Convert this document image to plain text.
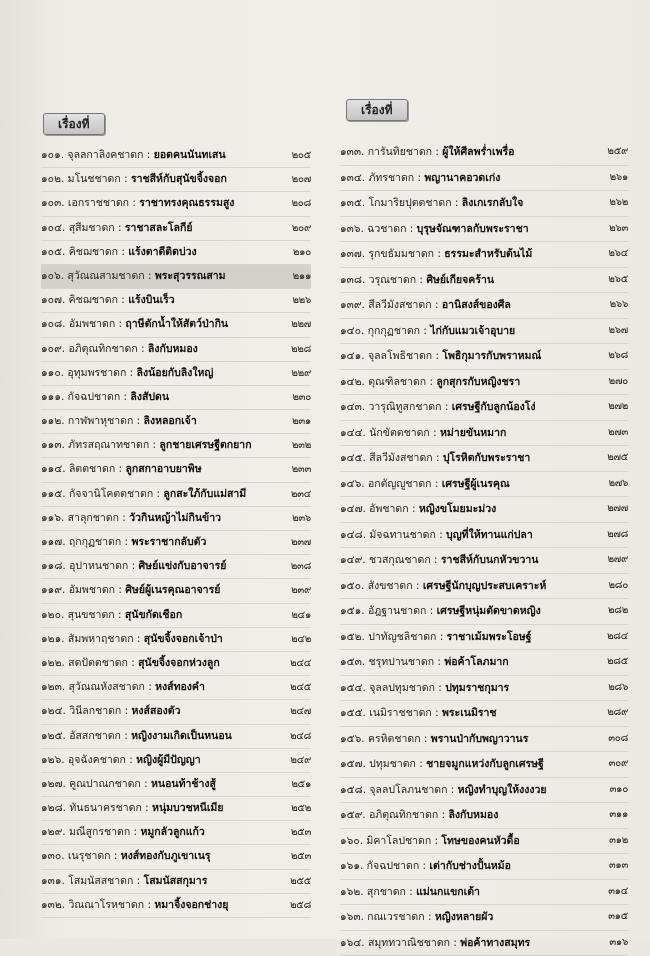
เรื่องที่
เรื่องที่
๑๐๑. จุลลกาลิงคชาดก : ยอดคนนันทเสน	๒๐๕
๑๐๒. มโนชชาดก : ราชสีห์กับสุนัขจิ้งจอก	๒๐๗
๑๐๓. เอกราชชาดก : ราชาทรงคุณธรรมสูง	๒๐๘
๑๐๔. สุสีมชาดก : ราชาสละโลกีย์	๒๐๙
๑๐๕. คิชฌชาดก : แร้งตาดีติดบ่วง	๒๑๐
๑๐๖. สุวัณณสามชาดก : พระสุวรรณสาม	๒๑๑
๑๐๗. คิชฌชาดก : แร้งบินเร็ว	๒๒๖
๑๐๘. อัมพชาดก : ฤาษีตักน้ำให้สัตว์ป่ากิน	๒๒๗
๑๐๙. อภิตุณทิกชาดก : ลิงกับหมอง	๒๒๘
๑๑๐. อุทุมพรชาดก : ลิงน้อยกับลิงใหญ่	๒๒๙
๑๑๑. กัจฉปชาดก : ลิงสัปดน	๒๓๐
๑๑๒. กาฬพาหุชาดก : ลิงหลอกเจ้า	๒๓๑
๑๑๓. ภัทรสฤณาทชาดก : ลูกชายเศรษฐีตกยาก	๒๓๒
๑๑๔. ลิตตชาดก : ลูกสกาอาบยาพิษ	๒๓๓
๑๑๕. กัจจานิโคตตชาดก : ลูกสะใภ้กับแม่สามี	๒๓๔
๑๑๖. สาลุกชาดก : วัวกินหญ้าไม่กินข้าว	๒๓๖
๑๑๗. ฤกกุฏชาดก : พระราชากลับตัว	๒๓๗
๑๑๘. อุปาหนชาดก : ศิษย์แข่งกับอาจารย์	๒๓๘
๑๑๙. อัมพชาดก : ศิษย์ผู้เนรคุณอาจารย์	๒๓๙
๑๒๐. สุนขชาดก : สุนัขกัดเชือก	๒๔๑
๑๒๑. สัมพหาฤชาดก : สุนัขจิ้งจอกเจ้าป่า	๒๔๒
๑๒๒. สตปัตตชาดก : สุนัขจิ้งจอกห่วงลูก	๒๔๔
๑๒๓. สุวัณณหังสชาดก : หงส์ทองคำ	๒๔๕
๑๒๔. วินีลกชาดก : หงส์สองตัว	๒๔๗
๑๒๕. อัสสกชาดก : หญิงงามเกิดเป็นหนอน	๒๔๘
๑๒๖. อุจฉังคชาดก : หญิงผู้มีปัญญา	๒๔๙
๑๒๗. คูณปาณกชาดก : หนอนท้าช้างสู้	๒๕๑
๑๒๘. ทันธนาครชาดก : หนุ่มบวชหนีเมีย	๒๕๒
๑๒๙. มณีสูกรชาดก : หมูกลัวลูกแก้ว	๒๕๓
๑๓๐. เนรุชาดก : หงส์ทองกับภูเขาเนรุ	๒๕๓
๑๓๑. โสมนัสสชาดก : โสมนัสสกุมาร	๒๕๕
๑๓๒. วิณณาโรหชาดก : หมาจิ้งจอกช่างยุ	๒๕๘
๑๓๓. การันทิยชาดก : ผู้ให้ศีลพร่ำเพรื่อ	๒๕๙
๑๓๔. ภัทรชาดก : พญานาคอวดเก่ง	๒๖๑
๑๓๕. โกมาริยปุตตชาดก : ลิงเกเรกลับใจ	๒๖๒
๑๓๖. ฉวชาดก : บุรุษจัณฑาลกับพระราชา	๒๖๓
๑๓๗. รุกขธัมมชาดก : ธรรมะสำหรับต้นไม้	๒๖๔
๑๓๘. วรุณชาดก : ศิษย์เกียจคร้าน	๒๖๕
๑๓๙. สีลวีมังสชาดก : อานิสงส์ของศีล	๒๖๖
๑๔๐. กุกกุฏชาดก : ไก่กับแมวเจ้าอุบาย	๒๖๗
๑๔๑. จุลลโพธิชาดก : โพธิกุมารกับพราหมณ์	๒๖๘
๑๔๒. ตุณฑิลชาดก : ลูกสุกรกับหญิงชรา	๒๗๐
๑๔๓. วารุณิทูสกชาดก : เศรษฐีกับลูกน้องโง่	๒๗๒
๑๔๔. นักขัตตชาดก : หม่ายขันหมาก	๒๗๓
๑๔๕. สีลวีมังสชาดก : ปุโรหิตกับพระราชา	๒๗๕
๑๔๖. อกตัญญูชาดก : เศรษฐีผู้เนรคุณ	๒๗๖
๑๔๗. อัพชาดก : หญิงขโมยมะม่วง	๒๗๗
๑๔๘. มัจฉทานชาดก : บุญที่ให้ทานแก่ปลา	๒๗๘
๑๔๙. ชวสกุณชาดก : ราชสีห์กับนกหัวขวาน	๒๗๙
๑๕๐. สังขชาดก : เศรษฐีนักบุญประสบเคราะห์	๒๘๐
๑๕๑. อัฎฐานชาดก : เศรษฐีหนุ่มตัดขาดหญิง	๒๘๒
๑๕๒. ปาทัญชลิชาดก : ราชาเม้มพระโอษฐ์	๒๘๔
๑๕๓. ชรุทปานชาดก : พ่อค้าโลภมาก	๒๘๕
๑๕๔. จุลลปทุมชาดก : ปทุมราชกุมาร	๒๘๖
๑๕๕. เนมิราชชาดก : พระเนมิราช	๒๘๙
๑๕๖. ครหิตชาดก : พรานป่ากับพญาวานร	๓๐๘
๑๕๗. ปทุมชาดก : ชายจมูกแหว่งกับลูกเศรษฐี	๓๐๙
๑๕๘. จุลลปโลภนชาดก : หญิงทำบุญให้งงงวย	๓๑๐
๑๕๙. อภิตุณทิกชาดก : ลิงกับหมอง	๓๑๑
๑๖๐. มิคาโลปชาดก : โทษของคนหัวดื้อ	๓๑๒
๑๖๑. กัจฉปชาดก : เต่ากับช่างปั้นหม้อ	๓๑๓
๑๖๒. สุกชาดก : แม่นกแขกเต้า	๓๑๔
๑๖๓. กณเวรชาดก : หญิงหลายผัว	๓๑๕
๑๖๔. สมุททวาณิชชาดก : พ่อค้าทางสมุทร	๓๑๖
